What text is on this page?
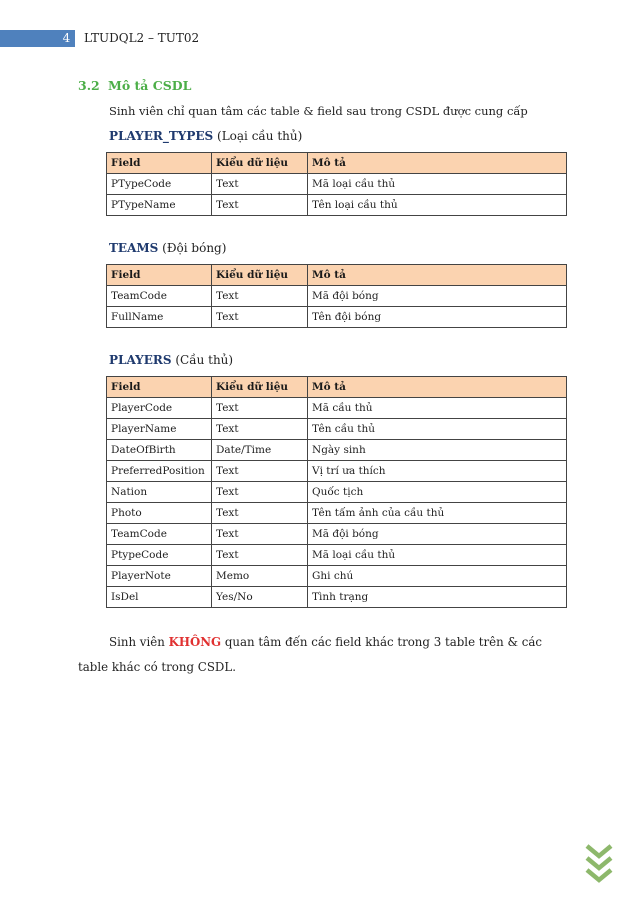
4	LTUDQL2 – TUT02
3.2 Mô tả CSDL
Sinh viên chỉ quan tâm các table & field sau trong CSDL được cung cấp
PLAYER_TYPES (Loại cầu thủ)
Field	Kiểu dữ liệu	Mô tả
PTypeCode	Text	Mã loại cầu thủ
PTypeName	Text	Tên loại cầu thủ
TEAMS (Đội bóng)
Field	Kiểu dữ liệu	Mô tả
TeamCode	Text	Mã đội bóng
FullName	Text	Tên đội bóng
PLAYERS (Cầu thủ)
Field	Kiểu dữ liệu	Mô tả
PlayerCode	Text	Mã cầu thủ
PlayerName	Text	Tên cầu thủ
DateOfBirth	Date/Time	Ngày sinh
PreferredPosition	Text	Vị trí ưa thích
Nation	Text	Quốc tịch
Photo	Text	Tên tấm ảnh của cầu thủ
TeamCode	Text	Mã đội bóng
PtypeCode	Text	Mã loại cầu thủ
PlayerNote	Memo	Ghi chú
IsDel	Yes/No	Tình trạng
Sinh viên KHÔNG quan tâm đến các field khác trong 3 table trên & các table khác có trong CSDL.
